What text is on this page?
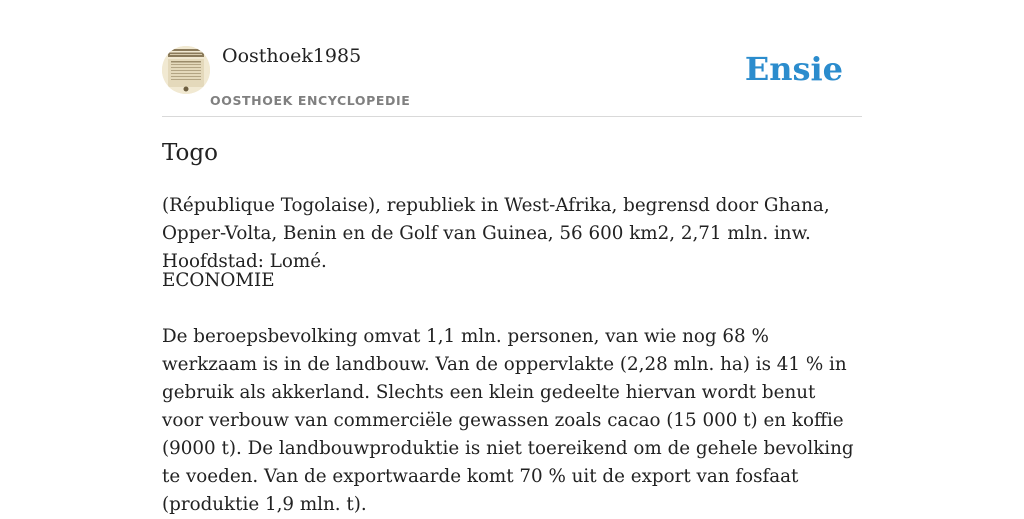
Oosthoek1985
OOSTHOEK ENCYCLOPEDIE
Ensie
Togo

(République Togolaise), republiek in West-Afrika, begrensd door Ghana, Opper-Volta, Benin en de Golf van Guinea, 56 600 km2, 2,71 mln. inw. Hoofdstad: Lomé.

ECONOMIE

De beroepsbevolking omvat 1,1 mln. personen, van wie nog 68 % werkzaam is in de landbouw. Van de oppervlakte (2,28 mln. ha) is 41 % in gebruik als akkerland. Slechts een klein gedeelte hiervan wordt benut voor verbouw van commerciële gewassen zoals cacao (15 000 t) en koffie (9000 t). De landbouwproduktie is niet toereikend om de gehele bevolking te voeden. Van de exportwaarde komt 70 % uit de export van fosfaat (produktie 1,9 mln. t).
